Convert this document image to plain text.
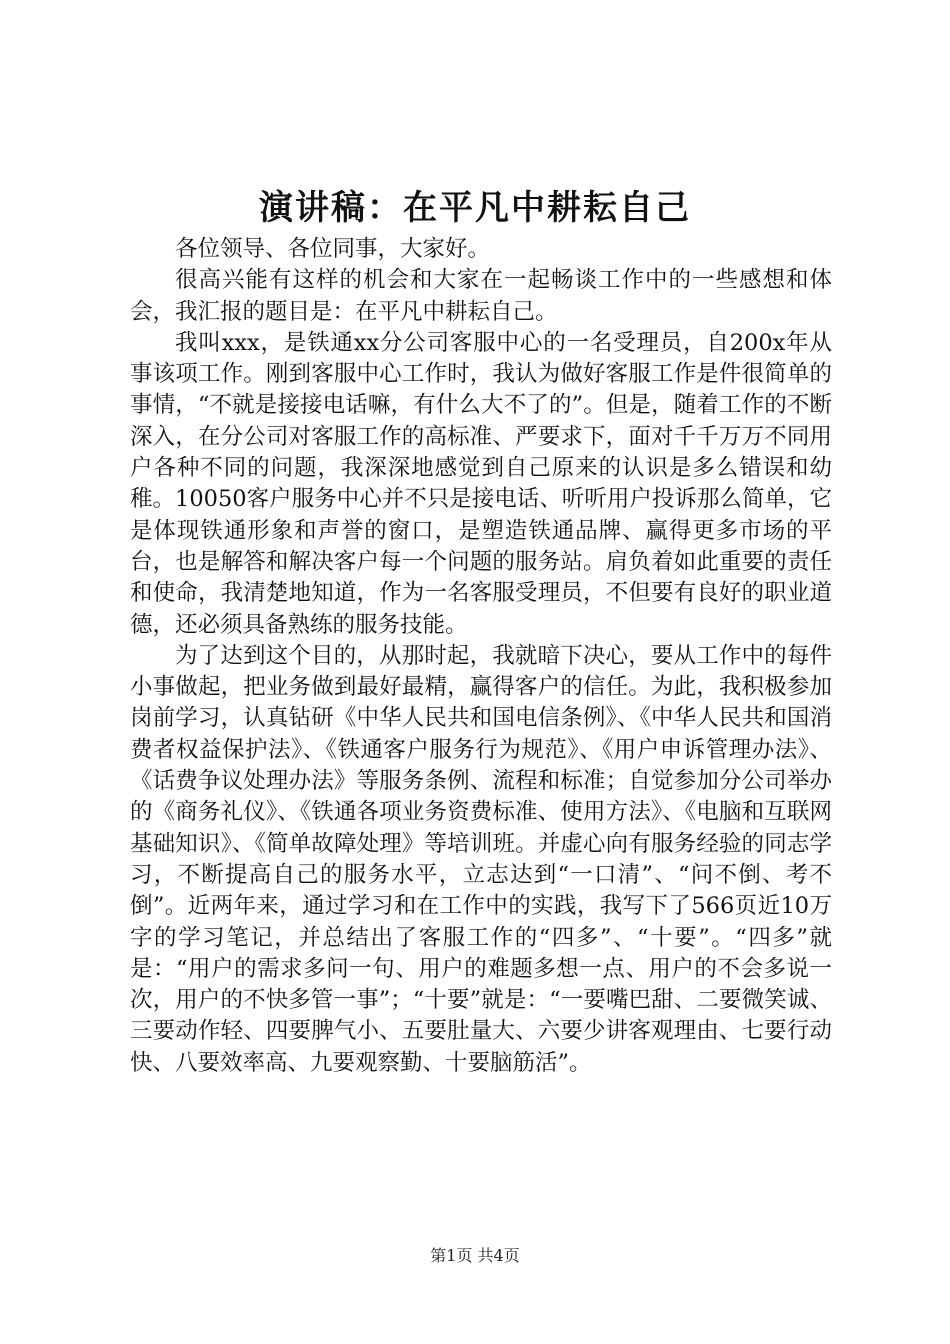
演讲稿：在平凡中耕耘自己

各位领导、各位同事，大家好。

很高兴能有这样的机会和大家在一起畅谈工作中的一些感想和体会，我汇报的题目是：在平凡中耕耘自己。

我叫xxx，是铁通xx分公司客服中心的一名受理员，自200x年从事该项工作。刚到客服中心工作时，我认为做好客服工作是件很简单的事情，“不就是接接电话嘛，有什么大不了的”。但是，随着工作的不断深入，在分公司对客服工作的高标准、严要求下，面对千千万万不同用户各种不同的问题，我深深地感觉到自己原来的认识是多么错误和幼稚。10050客户服务中心并不只是接电话、听听用户投诉那么简单，它是体现铁通形象和声誉的窗口，是塑造铁通品牌、赢得更多市场的平台，也是解答和解决客户每一个问题的服务站。肩负着如此重要的责任和使命，我清楚地知道，作为一名客服受理员，不但要有良好的职业道德，还必须具备熟练的服务技能。

为了达到这个目的，从那时起，我就暗下决心，要从工作中的每件小事做起，把业务做到最好最精，赢得客户的信任。为此，我积极参加岗前学习，认真钻研《中华人民共和国电信条例》、《中华人民共和国消费者权益保护法》、《铁通客户服务行为规范》、《用户申诉管理办法》、《话费争议处理办法》等服务条例、流程和标准；自觉参加分公司举办的《商务礼仪》、《铁通各项业务资费标准、使用方法》、《电脑和互联网基础知识》、《简单故障处理》等培训班。并虚心向有服务经验的同志学习，不断提高自己的服务水平，立志达到“一口清”、“问不倒、考不倒”。近两年来，通过学习和在工作中的实践，我写下了566页近10万字的学习笔记，并总结出了客服工作的“四多”、“十要”。“四多”就是：“用户的需求多问一句、用户的难题多想一点、用户的不会多说一次，用户的不快多管一事”；“十要”就是：“一要嘴巴甜、二要微笑诚、三要动作轻、四要脾气小、五要肚量大、六要少讲客观理由、七要行动快、八要效率高、九要观察勤、十要脑筋活”。

第1页 共4页
